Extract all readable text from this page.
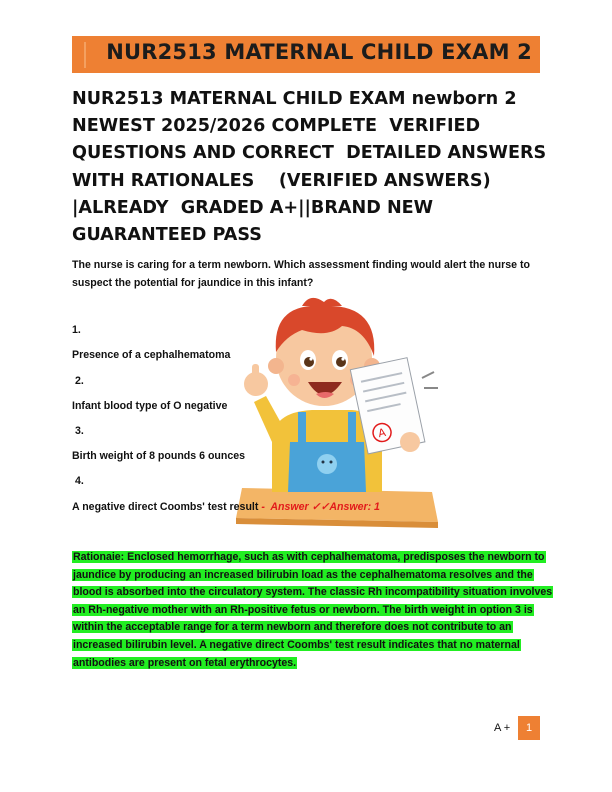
NUR2513 MATERNAL CHILD EXAM 2
NUR2513 MATERNAL CHILD EXAM newborn 2
NEWEST 2025/2026 COMPLETE  VERIFIED
QUESTIONS AND CORRECT  DETAILED ANSWERS
WITH RATIONALES    (VERIFIED ANSWERS)
|ALREADY  GRADED A+||BRAND NEW
GUARANTEED PASS
The nurse is caring for a term newborn. Which assessment finding would alert the nurse to suspect the potential for jaundice in this infant?
A
1.
Presence of a cephalhematoma
2.
Infant blood type of O negative
3.
Birth weight of 8 pounds 6 ounces
4.
A negative direct Coombs' test result -  Answer ✓✓Answer: 1
Rationaie: Enclosed hemorrhage, such as with cephalhematoma, predisposes the newborn to
jaundice by producing an increased bilirubin load as the cephalhematoma resolves and the
blood is absorbed into the circulatory system. The classic Rh incompatibility situation involves
an Rh-negative mother with an Rh-positive fetus or newborn. The birth weight in option 3 is
within the acceptable range for a term newborn and therefore does not contribute to an
increased bilirubin level. A negative direct Coombs' test result indicates that no maternal
antibodies are present on fetal erythrocytes.
A +	1
